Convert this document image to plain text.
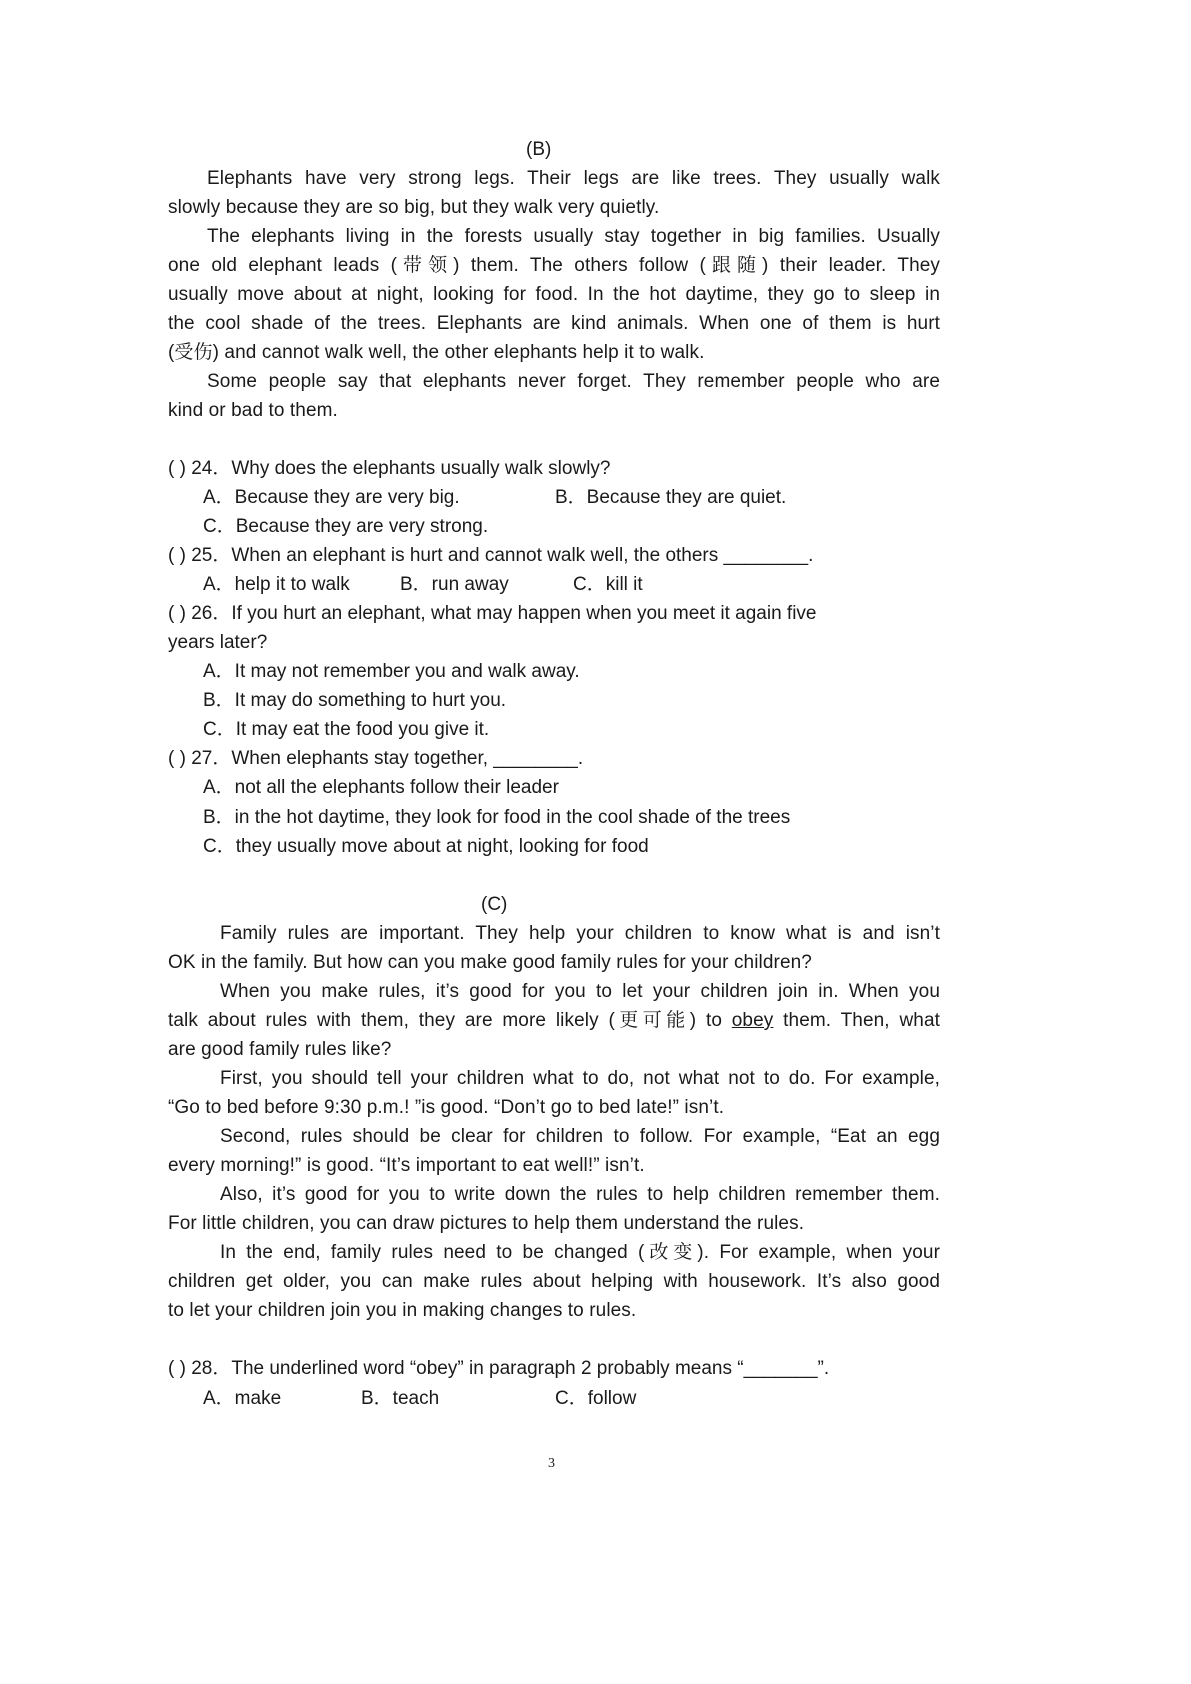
(B)
Elephants have very strong legs. Their legs are like trees. They usually walk
slowly because they are so big, but they walk very quietly.
The elephants living in the forests usually stay together in big families. Usually
one old elephant leads (带领) them. The others follow (跟随) their leader. They
usually move about at night, looking for food. In the hot daytime, they go to sleep in
the cool shade of the trees. Elephants are kind animals. When one of them is hurt
(受伤) and cannot walk well, the other elephants help it to walk.
Some people say that elephants never forget. They remember people who are
kind or bad to them.
( ) 24．Why does the elephants usually walk slowly?
A．Because they are very big.	B．Because they are quiet.
C．Because they are very strong.
( ) 25．When an elephant is hurt and cannot walk well, the others ________.
A．help it to walk	B．run away	C．kill it
( ) 26．If you hurt an elephant, what may happen when you meet it again five
years later?
A．It may not remember you and walk away.
B．It may do something to hurt you.
C．It may eat the food you give it.
( ) 27．When elephants stay together, ________.
A．not all the elephants follow their leader
B．in the hot daytime, they look for food in the cool shade of the trees
C．they usually move about at night, looking for food
(C)
Family rules are important. They help your children to know what is and isn’t
OK in the family. But how can you make good family rules for your children?
When you make rules, it’s good for you to let your children join in. When you
talk about rules with them, they are more likely (更可能) to obey them. Then, what
are good family rules like?
First, you should tell your children what to do, not what not to do. For example,
“Go to bed before 9:30 p.m.! ”is good. “Don’t go to bed late!” isn’t.
Second, rules should be clear for children to follow. For example, “Eat an egg
every morning!” is good. “It’s important to eat well!” isn’t.
Also, it’s good for you to write down the rules to help children remember them.
For little children, you can draw pictures to help them understand the rules.
In the end, family rules need to be changed (改变). For example, when your
children get older, you can make rules about helping with housework. It’s also good
to let your children join you in making changes to rules.
( ) 28．The underlined word “obey” in paragraph 2 probably means “_______”.
A．make	B．teach	C．follow
3
